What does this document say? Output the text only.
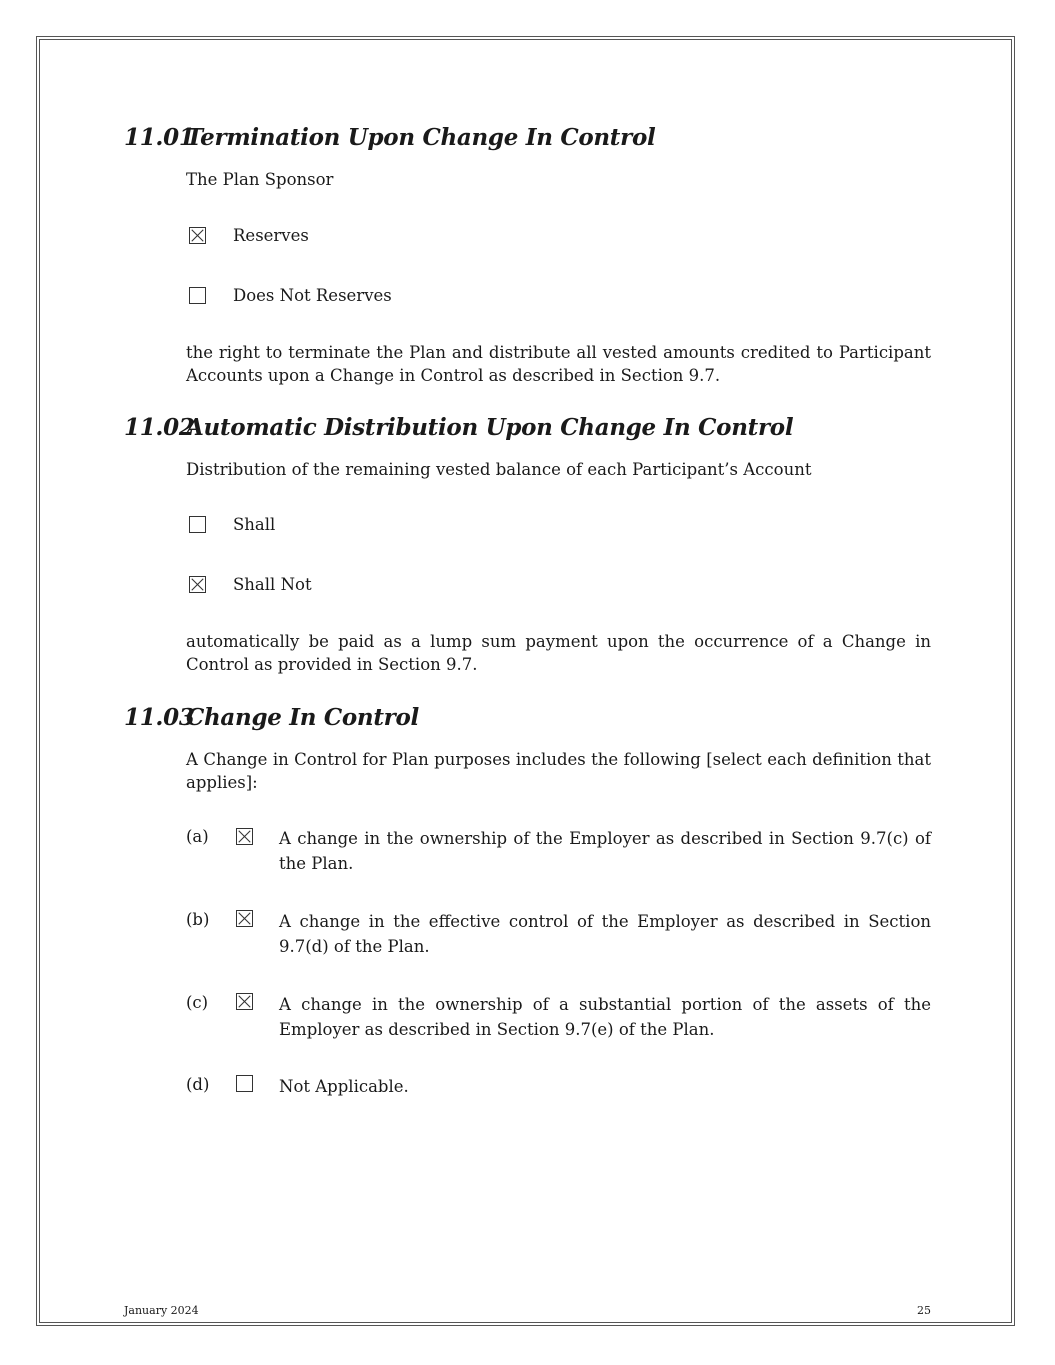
11.01Termination Upon Change In Control
The Plan Sponsor
Reserves
Does Not Reserves
the right to terminate the Plan and distribute all vested amounts credited to Participant Accounts upon a Change in Control as described in Section 9.7.
11.02Automatic Distribution Upon Change In Control
Distribution of the remaining vested balance of each Participant’s Account
Shall
Shall Not
automatically be paid as a lump sum payment upon the occurrence of a Change in Control as provided in Section 9.7.
11.03Change In Control
A Change in Control for Plan purposes includes the following [select each definition that applies]:
(a)	A change in the ownership of the Employer as described in Section 9.7(c) of the Plan.
(b)	A change in the effective control of the Employer as described in Section 9.7(d) of the Plan.
(c)	A change in the ownership of a substantial portion of the assets of the Employer as described in Section 9.7(e) of the Plan.
(d)	Not Applicable.
January 2024	25
